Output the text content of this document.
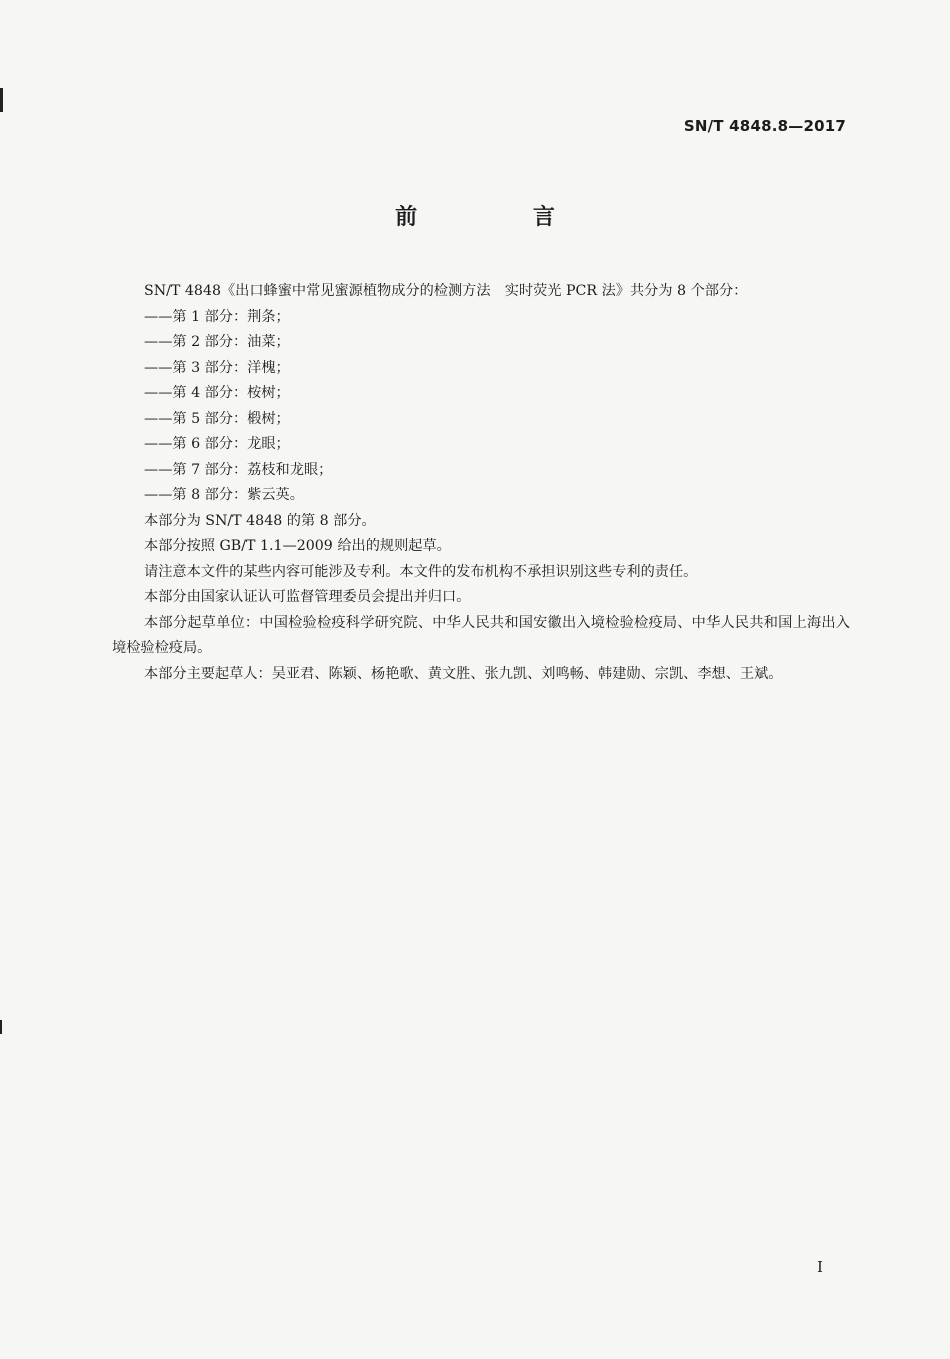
SN/T 4848.8—2017
前 言

SN/T 4848《出口蜂蜜中常见蜜源植物成分的检测方法　实时荧光 PCR 法》共分为 8 个部分：

——第 1 部分：荆条；

——第 2 部分：油菜；

——第 3 部分：洋槐；

——第 4 部分：桉树；

——第 5 部分：椴树；

——第 6 部分：龙眼；

——第 7 部分：荔枝和龙眼；

——第 8 部分：紫云英。

本部分为 SN/T 4848 的第 8 部分。

本部分按照 GB/T 1.1—2009 给出的规则起草。

请注意本文件的某些内容可能涉及专利。本文件的发布机构不承担识别这些专利的责任。

本部分由国家认证认可监督管理委员会提出并归口。

本部分起草单位：中国检验检疫科学研究院、中华人民共和国安徽出入境检验检疫局、中华人民共和国上海出入境检验检疫局。

本部分主要起草人：吴亚君、陈颖、杨艳歌、黄文胜、张九凯、刘鸣畅、韩建勋、宗凯、李想、王斌。

I
